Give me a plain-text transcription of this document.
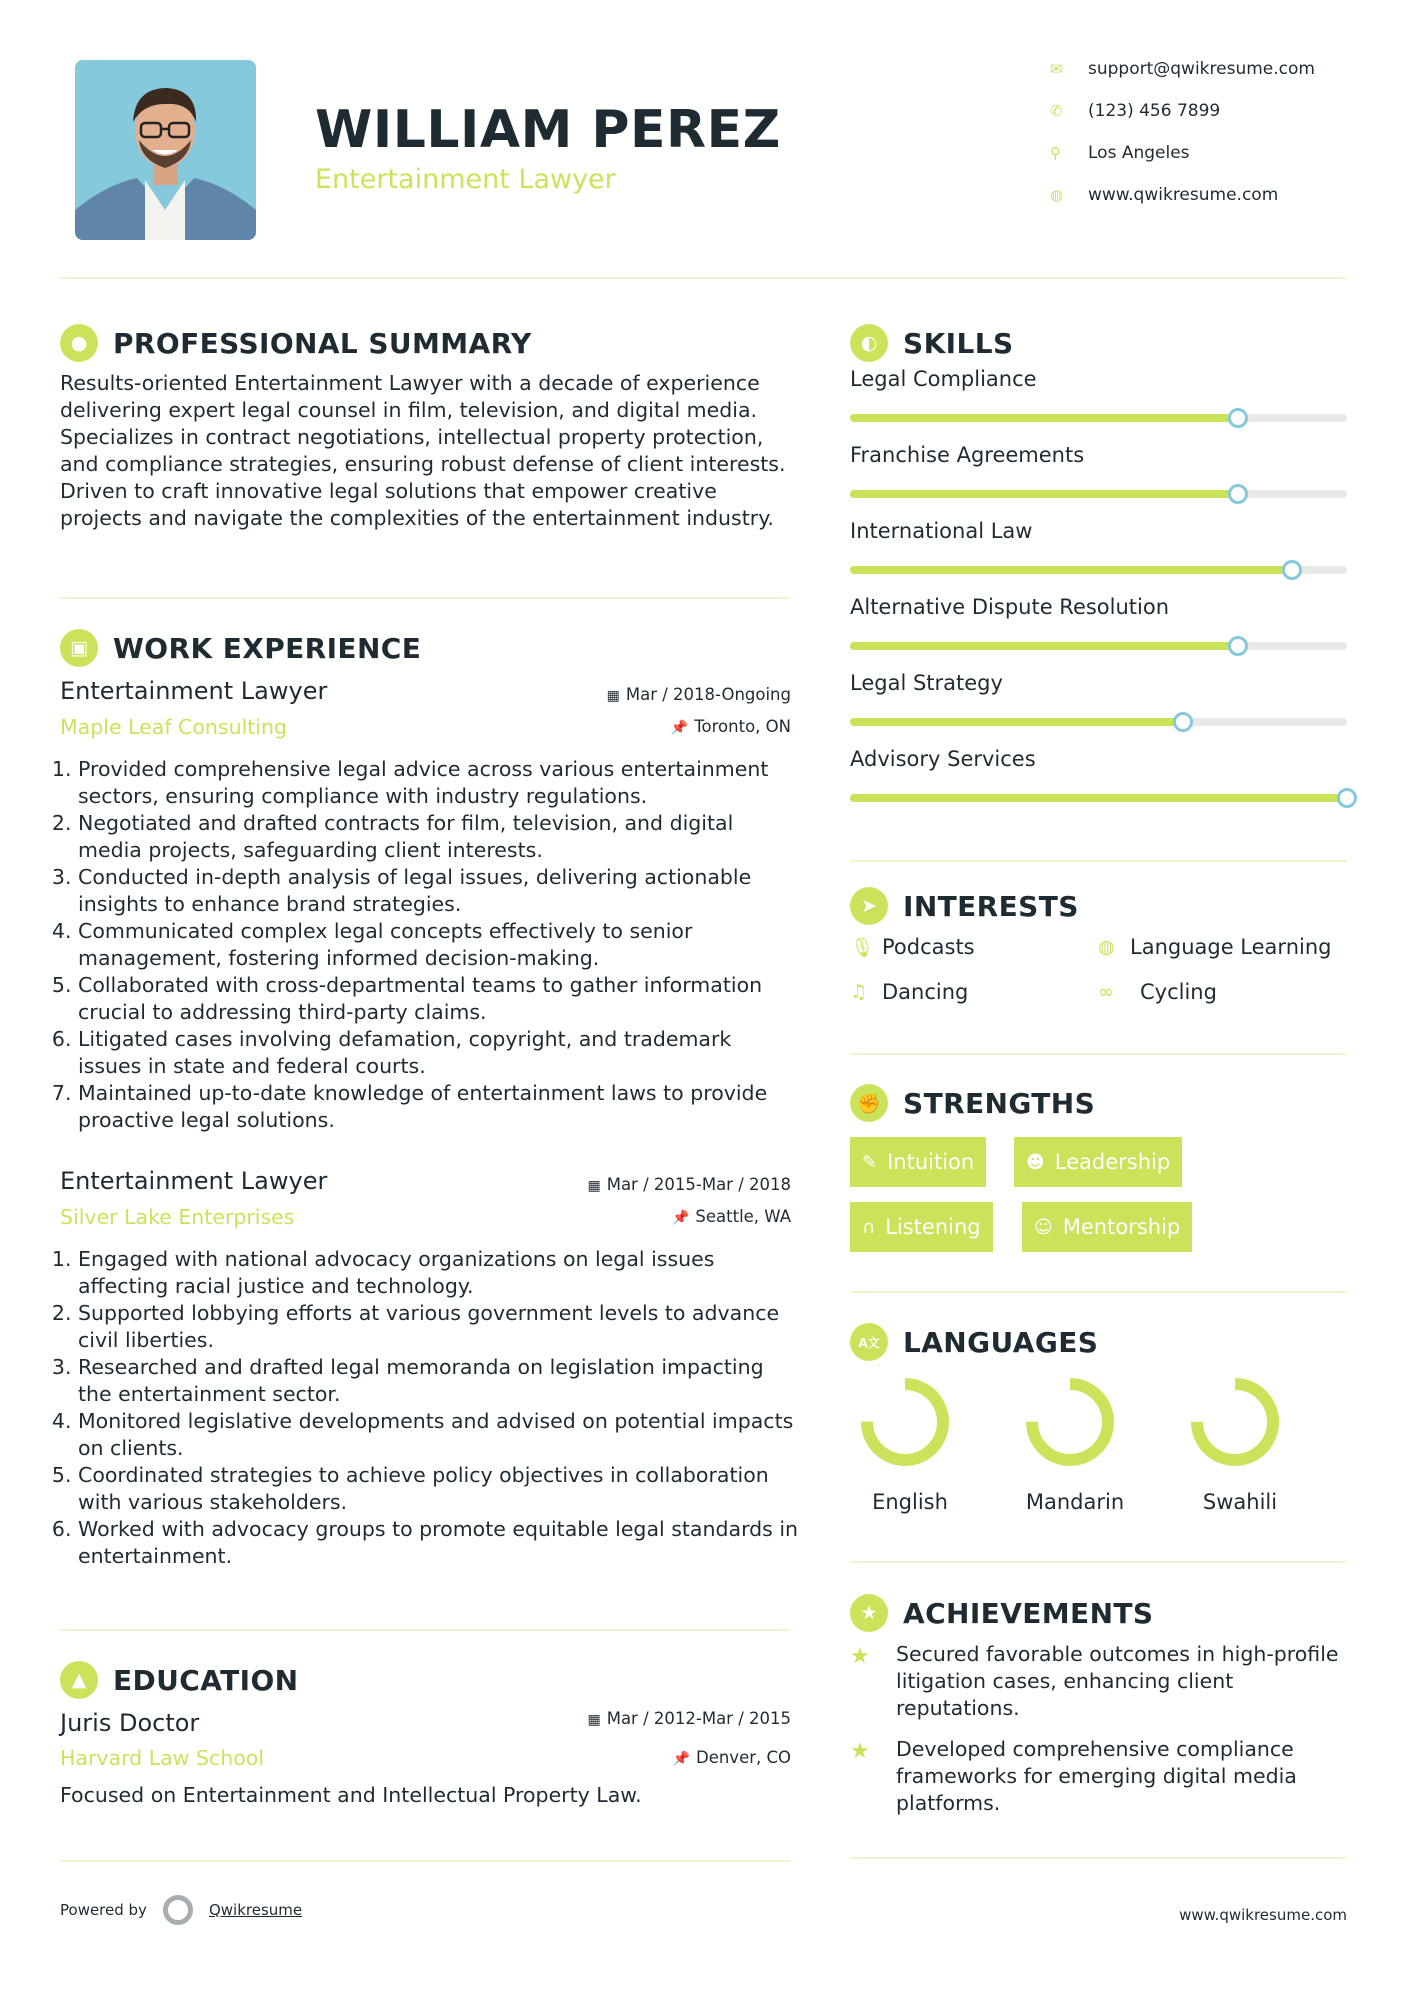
WILLIAM PEREZ
Entertainment Lawyer
✉	support@qwikresume.com
✆	(123) 456 7899
⚲	Los Angeles
◍	www.qwikresume.com
● PROFESSIONAL SUMMARY
Results-oriented Entertainment Lawyer with a decade of experience delivering expert legal counsel in film, television, and digital media. Specializes in contract negotiations, intellectual property protection, and compliance strategies, ensuring robust defense of client interests. Driven to craft innovative legal solutions that empower creative projects and navigate the complexities of the entertainment industry.
▣ WORK EXPERIENCE
Entertainment Lawyer	▦ Mar / 2018-Ongoing
Maple Leaf Consulting	📌 Toronto, ON
1. Provided comprehensive legal advice across various entertainment sectors, ensuring compliance with industry regulations.
2. Negotiated and drafted contracts for film, television, and digital media projects, safeguarding client interests.
3. Conducted in-depth analysis of legal issues, delivering actionable insights to enhance brand strategies.
4. Communicated complex legal concepts effectively to senior management, fostering informed decision-making.
5. Collaborated with cross-departmental teams to gather information crucial to addressing third-party claims.
6. Litigated cases involving defamation, copyright, and trademark issues in state and federal courts.
7. Maintained up-to-date knowledge of entertainment laws to provide proactive legal solutions.
Entertainment Lawyer	▦ Mar / 2015-Mar / 2018
Silver Lake Enterprises	📌 Seattle, WA
1. Engaged with national advocacy organizations on legal issues affecting racial justice and technology.
2. Supported lobbying efforts at various government levels to advance civil liberties.
3. Researched and drafted legal memoranda on legislation impacting the entertainment sector.
4. Monitored legislative developments and advised on potential impacts on clients.
5. Coordinated strategies to achieve policy objectives in collaboration with various stakeholders.
6. Worked with advocacy groups to promote equitable legal standards in entertainment.
▲ EDUCATION
Juris Doctor	▦ Mar / 2012-Mar / 2015
Harvard Law School	📌 Denver, CO
Focused on Entertainment and Intellectual Property Law.
◐ SKILLS
Legal Compliance
Franchise Agreements
International Law
Alternative Dispute Resolution
Legal Strategy
Advisory Services
➤ INTERESTS
🎙 Podcasts	◍ Language Learning
♫ Dancing	∞	Cycling
✊ STRENGTHS
✎ Intuition	☻ Leadership
∩ Listening	☺ Mentorship
A文 LANGUAGES
English	Mandarin	Swahili
★ ACHIEVEMENTS
★	Secured favorable outcomes in high-profile litigation cases, enhancing client reputations.
★	Developed comprehensive compliance frameworks for emerging digital media platforms.
Powered by	Qwikresume	www.qwikresume.com
